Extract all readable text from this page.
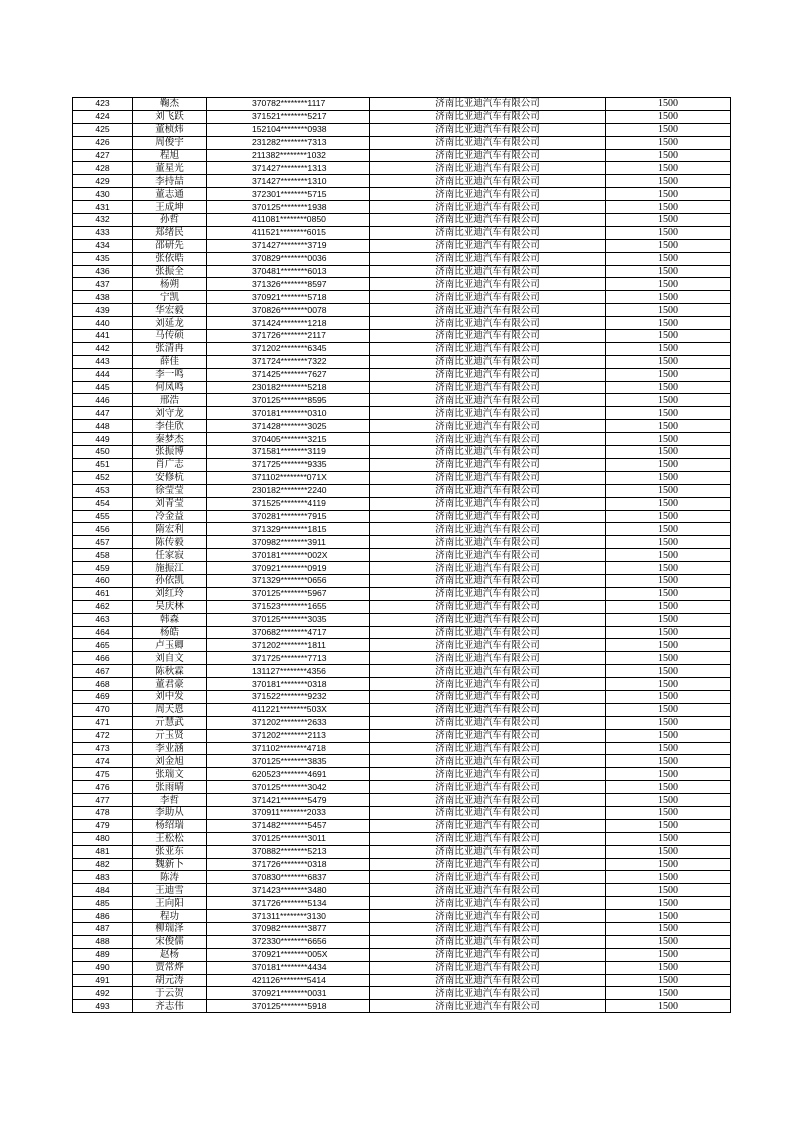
423	鞠杰	370782********1117	济南比亚迪汽车有限公司	1500
424	刘飞跃	371521********5217	济南比亚迪汽车有限公司	1500
425	董桢炜	152104********0938	济南比亚迪汽车有限公司	1500
426	周俊宇	231282********7313	济南比亚迪汽车有限公司	1500
427	程旭	211382********1032	济南比亚迪汽车有限公司	1500
428	董星光	371427********1313	济南比亚迪汽车有限公司	1500
429	李持喆	371427********1310	济南比亚迪汽车有限公司	1500
430	董志通	372301********5715	济南比亚迪汽车有限公司	1500
431	王成坤	370125********1938	济南比亚迪汽车有限公司	1500
432	孙哲	411081********0850	济南比亚迪汽车有限公司	1500
433	郑绪民	411521********6015	济南比亚迪汽车有限公司	1500
434	邵研先	371427********3719	济南比亚迪汽车有限公司	1500
435	张依晧	370829********0036	济南比亚迪汽车有限公司	1500
436	张振全	370481********6013	济南比亚迪汽车有限公司	1500
437	杨朔	371326********8597	济南比亚迪汽车有限公司	1500
438	宁凯	370921********5718	济南比亚迪汽车有限公司	1500
439	华宏毅	370826********0078	济南比亚迪汽车有限公司	1500
440	刘延龙	371424********1218	济南比亚迪汽车有限公司	1500
441	马传硕	371726********2117	济南比亚迪汽车有限公司	1500
442	张清冉	371202********6345	济南比亚迪汽车有限公司	1500
443	薛佳	371724********7322	济南比亚迪汽车有限公司	1500
444	李一鸣	371425********7627	济南比亚迪汽车有限公司	1500
445	何凤鸣	230182********5218	济南比亚迪汽车有限公司	1500
446	邢浩	370125********8595	济南比亚迪汽车有限公司	1500
447	刘守龙	370181********0310	济南比亚迪汽车有限公司	1500
448	李佳欣	371428********3025	济南比亚迪汽车有限公司	1500
449	秦梦杰	370405********3215	济南比亚迪汽车有限公司	1500
450	张振博	371581********3119	济南比亚迪汽车有限公司	1500
451	肖广志	371725********9335	济南比亚迪汽车有限公司	1500
452	安修杭	371102********071X	济南比亚迪汽车有限公司	1500
453	徐莹莹	230182********2240	济南比亚迪汽车有限公司	1500
454	刘青莹	371525********4119	济南比亚迪汽车有限公司	1500
455	冷金益	370281********7915	济南比亚迪汽车有限公司	1500
456	隋宏利	371329********1815	济南比亚迪汽车有限公司	1500
457	陈传毅	370982********3911	济南比亚迪汽车有限公司	1500
458	任家寂	370181********002X	济南比亚迪汽车有限公司	1500
459	施振江	370921********0919	济南比亚迪汽车有限公司	1500
460	孙依凯	371329********0656	济南比亚迪汽车有限公司	1500
461	刘红玲	370125********5967	济南比亚迪汽车有限公司	1500
462	吴庆林	371523********1655	济南比亚迪汽车有限公司	1500
463	韩森	370125********3035	济南比亚迪汽车有限公司	1500
464	杨皓	370682********4717	济南比亚迪汽车有限公司	1500
465	卢玉卿	371202********1811	济南比亚迪汽车有限公司	1500
466	刘自文	371725********7713	济南比亚迪汽车有限公司	1500
467	陈秋霖	131127********4356	济南比亚迪汽车有限公司	1500
468	董君豪	370181********0318	济南比亚迪汽车有限公司	1500
469	刘中发	371522********9232	济南比亚迪汽车有限公司	1500
470	周天恩	411221********503X	济南比亚迪汽车有限公司	1500
471	亓慧武	371202********2633	济南比亚迪汽车有限公司	1500
472	亓玉贤	371202********2113	济南比亚迪汽车有限公司	1500
473	李业涵	371102********4718	济南比亚迪汽车有限公司	1500
474	刘金旭	370125********3835	济南比亚迪汽车有限公司	1500
475	张瑞文	620523********4691	济南比亚迪汽车有限公司	1500
476	张雨晴	370125********3042	济南比亚迪汽车有限公司	1500
477	李哲	371421********5479	济南比亚迪汽车有限公司	1500
478	李助从	370911********2033	济南比亚迪汽车有限公司	1500
479	杨绍瑞	371482********5457	济南比亚迪汽车有限公司	1500
480	王松松	370125********3011	济南比亚迪汽车有限公司	1500
481	张亚东	370882********5213	济南比亚迪汽车有限公司	1500
482	魏新卜	371726********0318	济南比亚迪汽车有限公司	1500
483	陈涛	370830********6837	济南比亚迪汽车有限公司	1500
484	王迪雪	371423********3480	济南比亚迪汽车有限公司	1500
485	王向阳	371726********5134	济南比亚迪汽车有限公司	1500
486	程功	371311********3130	济南比亚迪汽车有限公司	1500
487	柳瑞泽	370982********3877	济南比亚迪汽车有限公司	1500
488	宋俊儒	372330********6656	济南比亚迪汽车有限公司	1500
489	赵杨	370921********005X	济南比亚迪汽车有限公司	1500
490	贾常烨	370181********4434	济南比亚迪汽车有限公司	1500
491	胡元涛	421126********5414	济南比亚迪汽车有限公司	1500
492	于云贺	370921********0031	济南比亚迪汽车有限公司	1500
493	齐志伟	370125********5918	济南比亚迪汽车有限公司	1500
